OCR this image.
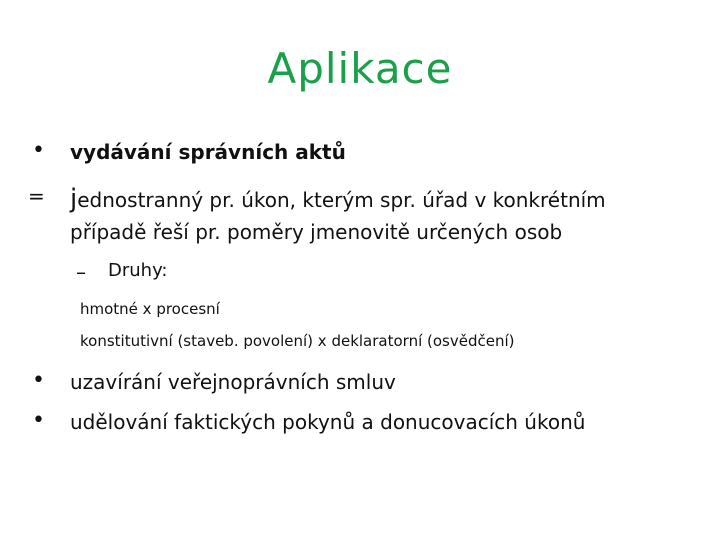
Aplikace
• vydávání správních aktů
= jednostranný pr. úkon, kterým spr. úřad v konkrétním
případě řeší pr. poměry jmenovitě určených osob
– Druhy:
hmotné x procesní
konstitutivní (staveb. povolení) x deklaratorní (osvědčení)
• uzavírání veřejnoprávních smluv
• udělování faktických pokynů a donucovacích úkonů
